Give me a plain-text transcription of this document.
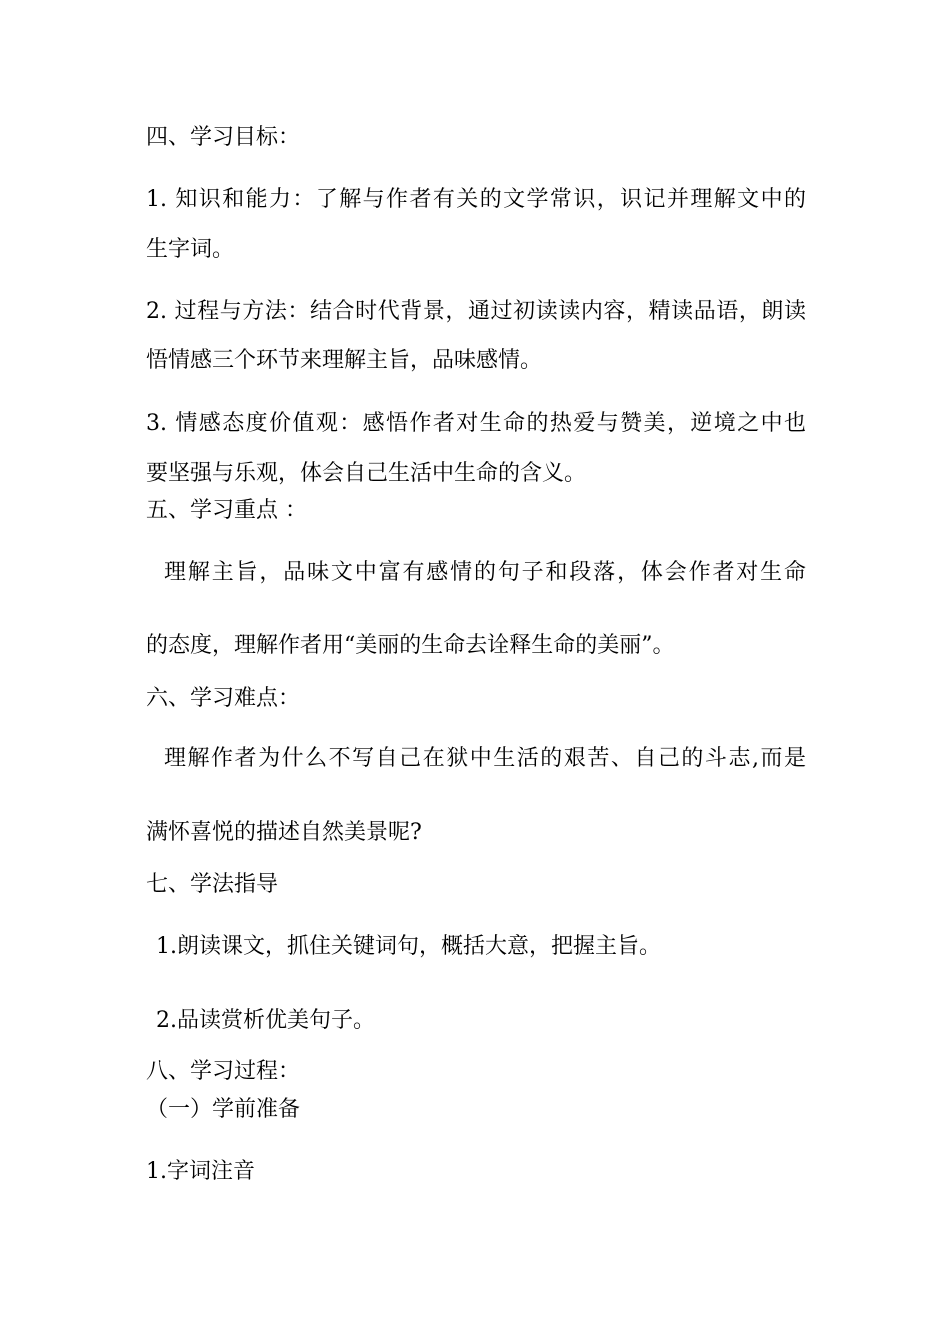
四、学习目标：
1. 知识和能力：了解与作者有关的文学常识，识记并理解文中的
生字词。
2. 过程与方法：结合时代背景，通过初读读内容，精读品语，朗读
悟情感三个环节来理解主旨，品味感情。
3. 情感态度价值观：感悟作者对生命的热爱与赞美，逆境之中也
要坚强与乐观，体会自己生活中生命的含义。
五、学习重点 ：
理解主旨，品味文中富有感情的句子和段落，体会作者对生命
的态度，理解作者用“美丽的生命去诠释生命的美丽”。
六、学习难点：
理解作者为什么不写自己在狱中生活的艰苦、自己的斗志,而是
满怀喜悦的描述自然美景呢?
七、学法指导
1.朗读课文，抓住关键词句，概括大意，把握主旨。
2.品读赏析优美句子。
八、学习过程：
（一）学前准备
1.字词注音
